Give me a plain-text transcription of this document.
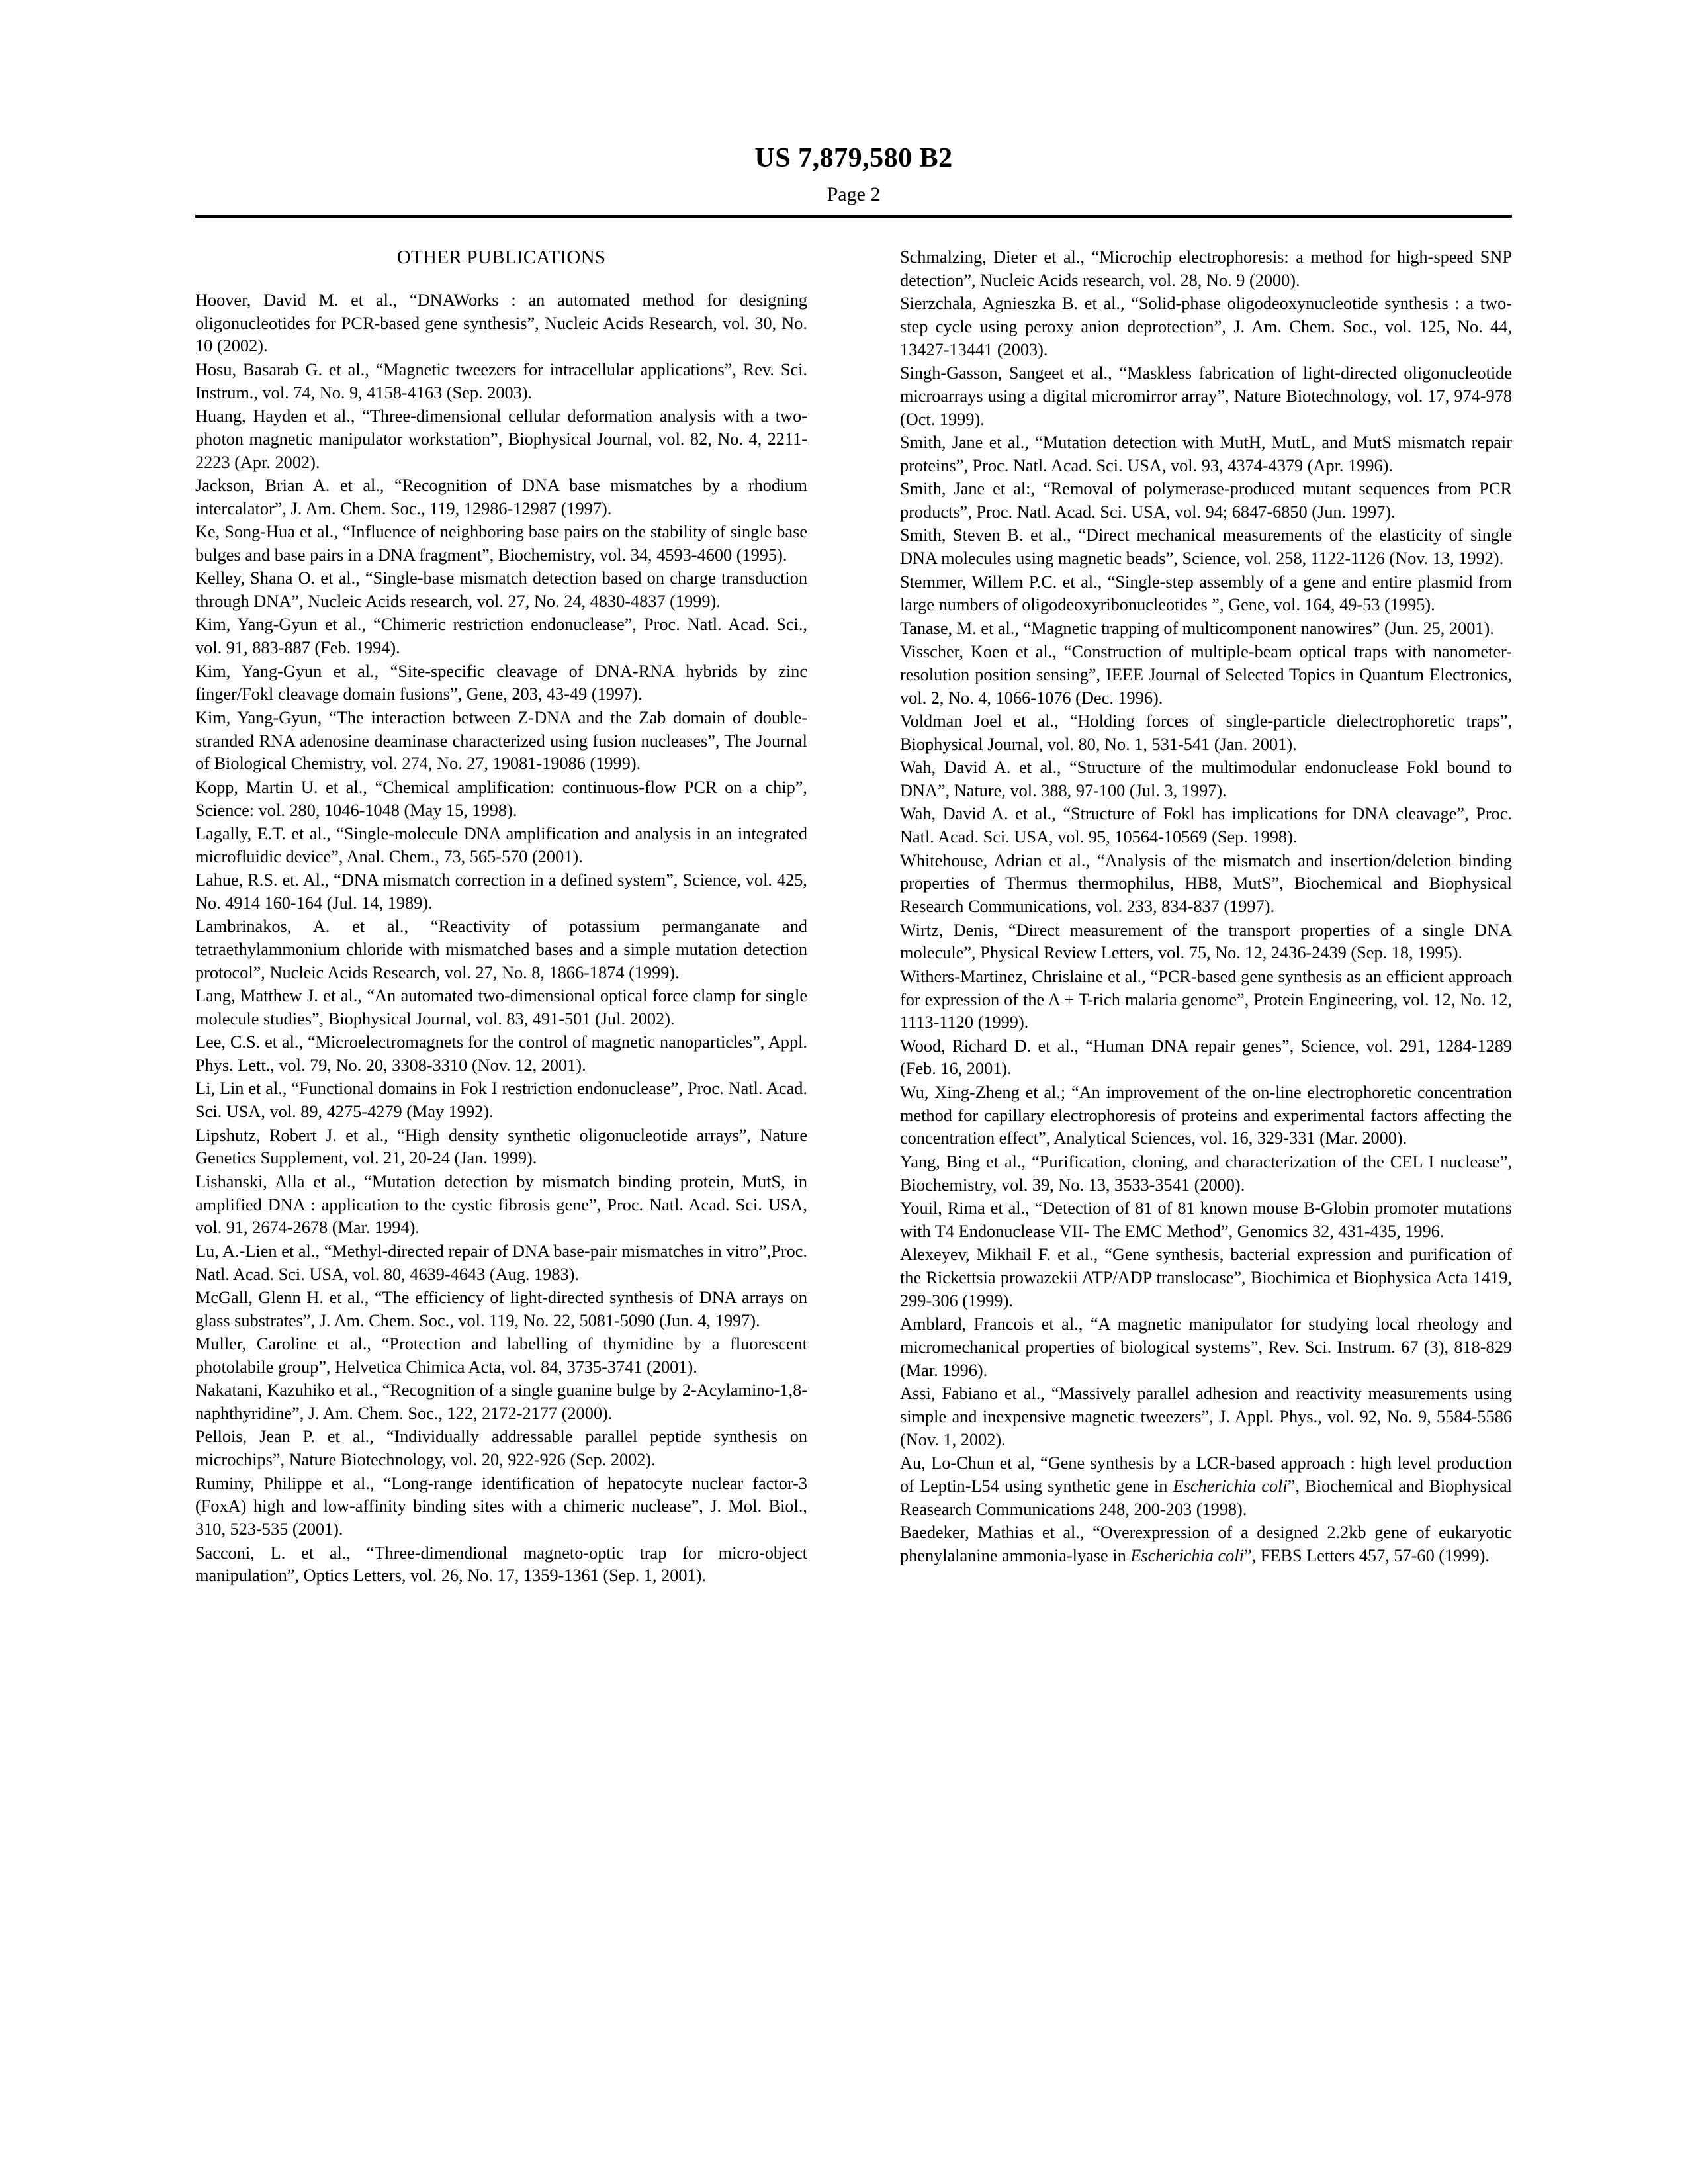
US 7,879,580 B2
Page 2
OTHER PUBLICATIONS

Hoover, David M. et al., “DNAWorks : an automated method for designing oligonucleotides for PCR-based gene synthesis”, Nucleic Acids Research, vol. 30, No. 10 (2002).

Hosu, Basarab G. et al., “Magnetic tweezers for intracellular applications”, Rev. Sci. Instrum., vol. 74, No. 9, 4158-4163 (Sep. 2003).

Huang, Hayden et al., “Three-dimensional cellular deformation analysis with a two-photon magnetic manipulator workstation”, Biophysical Journal, vol. 82, No. 4, 2211-2223 (Apr. 2002).

Jackson, Brian A. et al., “Recognition of DNA base mismatches by a rhodium intercalator”, J. Am. Chem. Soc., 119, 12986-12987 (1997).

Ke, Song-Hua et al., “Influence of neighboring base pairs on the stability of single base bulges and base pairs in a DNA fragment”, Biochemistry, vol. 34, 4593-4600 (1995).

Kelley, Shana O. et al., “Single-base mismatch detection based on charge transduction through DNA”, Nucleic Acids research, vol. 27, No. 24, 4830-4837 (1999).

Kim, Yang-Gyun et al., “Chimeric restriction endonuclease”, Proc. Natl. Acad. Sci., vol. 91, 883-887 (Feb. 1994).

Kim, Yang-Gyun et al., “Site-specific cleavage of DNA-RNA hybrids by zinc finger/Fokl cleavage domain fusions”, Gene, 203, 43-49 (1997).

Kim, Yang-Gyun, “The interaction between Z-DNA and the Zab domain of double-stranded RNA adenosine deaminase characterized using fusion nucleases”, The Journal of Biological Chemistry, vol. 274, No. 27, 19081-19086 (1999).

Kopp, Martin U. et al., “Chemical amplification: continuous-flow PCR on a chip”, Science: vol. 280, 1046-1048 (May 15, 1998).

Lagally, E.T. et al., “Single-molecule DNA amplification and analysis in an integrated microfluidic device”, Anal. Chem., 73, 565-570 (2001).

Lahue, R.S. et. Al., “DNA mismatch correction in a defined system”, Science, vol. 425, No. 4914 160-164 (Jul. 14, 1989).

Lambrinakos, A. et al., “Reactivity of potassium permanganate and tetraethylammonium chloride with mismatched bases and a simple mutation detection protocol”, Nucleic Acids Research, vol. 27, No. 8, 1866-1874 (1999).

Lang, Matthew J. et al., “An automated two-dimensional optical force clamp for single molecule studies”, Biophysical Journal, vol. 83, 491-501 (Jul. 2002).

Lee, C.S. et al., “Microelectromagnets for the control of magnetic nanoparticles”, Appl. Phys. Lett., vol. 79, No. 20, 3308-3310 (Nov. 12, 2001).

Li, Lin et al., “Functional domains in Fok I restriction endonuclease”, Proc. Natl. Acad. Sci. USA, vol. 89, 4275-4279 (May 1992).

Lipshutz, Robert J. et al., “High density synthetic oligonucleotide arrays”, Nature Genetics Supplement, vol. 21, 20-24 (Jan. 1999).

Lishanski, Alla et al., “Mutation detection by mismatch binding protein, MutS, in amplified DNA : application to the cystic fibrosis gene”, Proc. Natl. Acad. Sci. USA, vol. 91, 2674-2678 (Mar. 1994).

Lu, A.-Lien et al., “Methyl-directed repair of DNA base-pair mismatches in vitro”,Proc. Natl. Acad. Sci. USA, vol. 80, 4639-4643 (Aug. 1983).

McGall, Glenn H. et al., “The efficiency of light-directed synthesis of DNA arrays on glass substrates”, J. Am. Chem. Soc., vol. 119, No. 22, 5081-5090 (Jun. 4, 1997).

Muller, Caroline et al., “Protection and labelling of thymidine by a fluorescent photolabile group”, Helvetica Chimica Acta, vol. 84, 3735-3741 (2001).

Nakatani, Kazuhiko et al., “Recognition of a single guanine bulge by 2-Acylamino-1,8-naphthyridine”, J. Am. Chem. Soc., 122, 2172-2177 (2000).

Pellois, Jean P. et al., “Individually addressable parallel peptide synthesis on microchips”, Nature Biotechnology, vol. 20, 922-926 (Sep. 2002).

Ruminy, Philippe et al., “Long-range identification of hepatocyte nuclear factor-3 (FoxA) high and low-affinity binding sites with a chimeric nuclease”, J. Mol. Biol., 310, 523-535 (2001).

Sacconi, L. et al., “Three-dimendional magneto-optic trap for micro-object manipulation”, Optics Letters, vol. 26, No. 17, 1359-1361 (Sep. 1, 2001).

Schmalzing, Dieter et al., “Microchip electrophoresis: a method for high-speed SNP detection”, Nucleic Acids research, vol. 28, No. 9 (2000).

Sierzchala, Agnieszka B. et al., “Solid-phase oligodeoxynucleotide synthesis : a two-step cycle using peroxy anion deprotection”, J. Am. Chem. Soc., vol. 125, No. 44, 13427-13441 (2003).

Singh-Gasson, Sangeet et al., “Maskless fabrication of light-directed oligonucleotide microarrays using a digital micromirror array”, Nature Biotechnology, vol. 17, 974-978 (Oct. 1999).

Smith, Jane et al., “Mutation detection with MutH, MutL, and MutS mismatch repair proteins”, Proc. Natl. Acad. Sci. USA, vol. 93, 4374-4379 (Apr. 1996).

Smith, Jane et al:, “Removal of polymerase-produced mutant sequences from PCR products”, Proc. Natl. Acad. Sci. USA, vol. 94; 6847-6850 (Jun. 1997).

Smith, Steven B. et al., “Direct mechanical measurements of the elasticity of single DNA molecules using magnetic beads”, Science, vol. 258, 1122-1126 (Nov. 13, 1992).

Stemmer, Willem P.C. et al., “Single-step assembly of a gene and entire plasmid from large numbers of oligodeoxyribonucleotides ”, Gene, vol. 164, 49-53 (1995).

Tanase, M. et al., “Magnetic trapping of multicomponent nanowires” (Jun. 25, 2001).

Visscher, Koen et al., “Construction of multiple-beam optical traps with nanometer-resolution position sensing”, IEEE Journal of Selected Topics in Quantum Electronics, vol. 2, No. 4, 1066-1076 (Dec. 1996).

Voldman Joel et al., “Holding forces of single-particle dielectrophoretic traps”, Biophysical Journal, vol. 80, No. 1, 531-541 (Jan. 2001).

Wah, David A. et al., “Structure of the multimodular endonuclease Fokl bound to DNA”, Nature, vol. 388, 97-100 (Jul. 3, 1997).

Wah, David A. et al., “Structure of Fokl has implications for DNA cleavage”, Proc. Natl. Acad. Sci. USA, vol. 95, 10564-10569 (Sep. 1998).

Whitehouse, Adrian et al., “Analysis of the mismatch and insertion/deletion binding properties of Thermus thermophilus, HB8, MutS”, Biochemical and Biophysical Research Communications, vol. 233, 834-837 (1997).

Wirtz, Denis, “Direct measurement of the transport properties of a single DNA molecule”, Physical Review Letters, vol. 75, No. 12, 2436-2439 (Sep. 18, 1995).

Withers-Martinez, Chrislaine et al., “PCR-based gene synthesis as an efficient approach for expression of the A + T-rich malaria genome”, Protein Engineering, vol. 12, No. 12, 1113-1120 (1999).

Wood, Richard D. et al., “Human DNA repair genes”, Science, vol. 291, 1284-1289 (Feb. 16, 2001).

Wu, Xing-Zheng et al.; “An improvement of the on-line electrophoretic concentration method for capillary electrophoresis of proteins and experimental factors affecting the concentration effect”, Analytical Sciences, vol. 16, 329-331 (Mar. 2000).

Yang, Bing et al., “Purification, cloning, and characterization of the CEL I nuclease”, Biochemistry, vol. 39, No. 13, 3533-3541 (2000).

Youil, Rima et al., “Detection of 81 of 81 known mouse B-Globin promoter mutations with T4 Endonuclease VII- The EMC Method”, Genomics 32, 431-435, 1996.

Alexeyev, Mikhail F. et al., “Gene synthesis, bacterial expression and purification of the Rickettsia prowazekii ATP/ADP translocase”, Biochimica et Biophysica Acta 1419, 299-306 (1999).

Amblard, Francois et al., “A magnetic manipulator for studying local rheology and micromechanical properties of biological systems”, Rev. Sci. Instrum. 67 (3), 818-829 (Mar. 1996).

Assi, Fabiano et al., “Massively parallel adhesion and reactivity measurements using simple and inexpensive magnetic tweezers”, J. Appl. Phys., vol. 92, No. 9, 5584-5586 (Nov. 1, 2002).

Au, Lo-Chun et al, “Gene synthesis by a LCR-based approach : high level production of Leptin-L54 using synthetic gene in Escherichia coli”, Biochemical and Biophysical Reasearch Communications 248, 200-203 (1998).

Baedeker, Mathias et al., “Overexpression of a designed 2.2kb gene of eukaryotic phenylalanine ammonia-lyase in Escherichia coli”, FEBS Letters 457, 57-60 (1999).
